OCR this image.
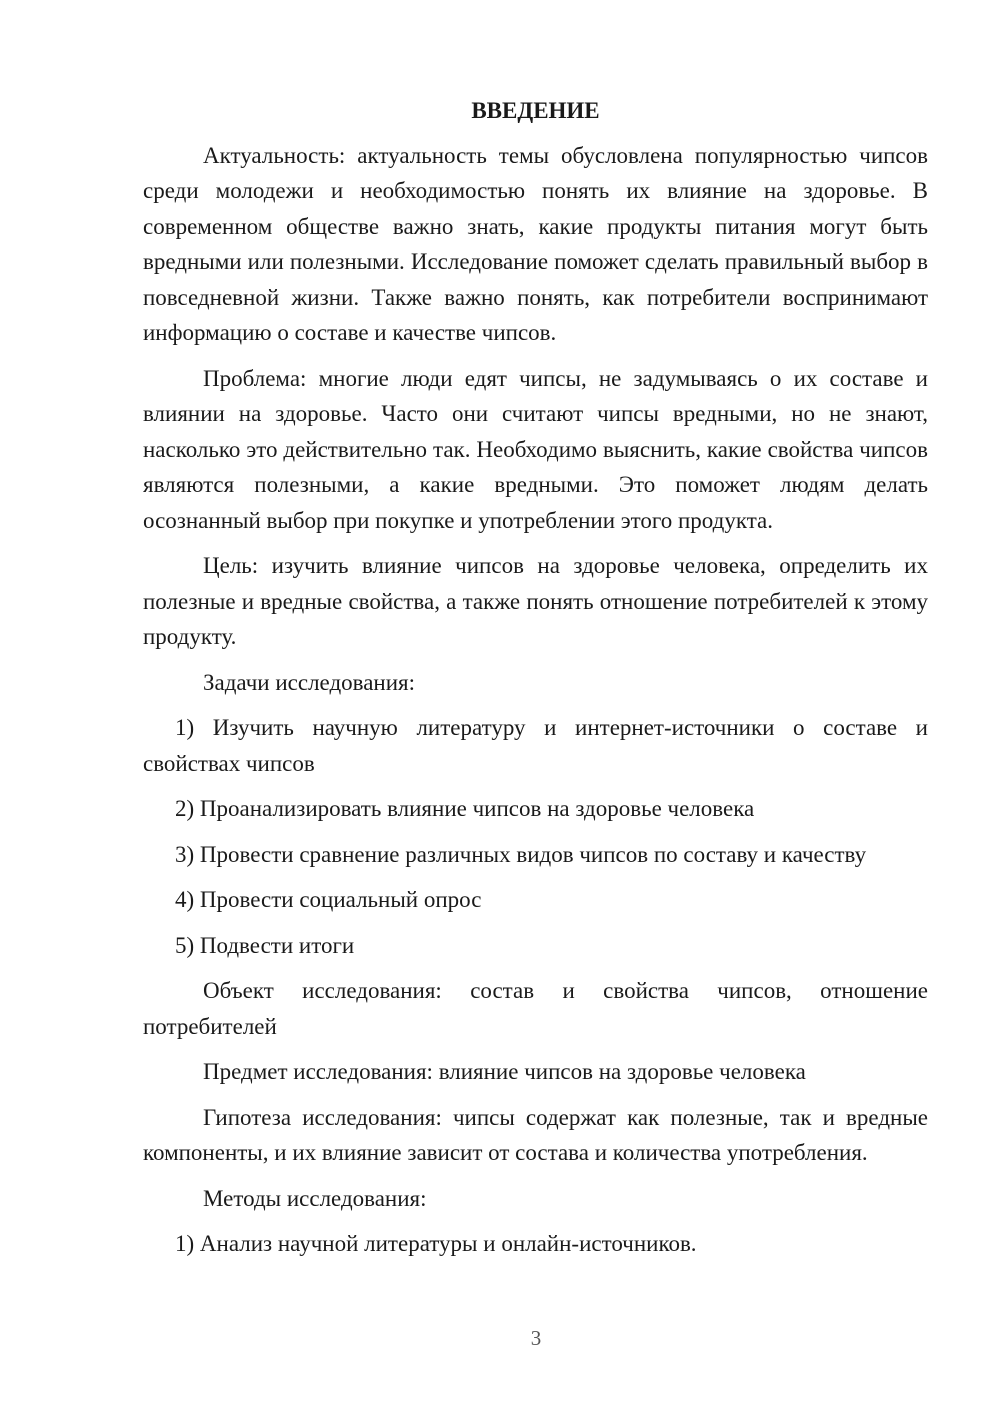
ВВЕДЕНИЕ

Актуальность: актуальность темы обусловлена популярностью чипсов среди молодежи и необходимостью понять их влияние на здоровье. В современном обществе важно знать, какие продукты питания могут быть вредными или полезными. Исследование поможет сделать правильный выбор в повседневной жизни. Также важно понять, как потребители воспринимают информацию о составе и качестве чипсов.

Проблема: многие люди едят чипсы, не задумываясь о их составе и влиянии на здоровье. Часто они считают чипсы вредными, но не знают, насколько это действительно так. Необходимо выяснить, какие свойства чипсов являются полезными, а какие вредными. Это поможет людям делать осознанный выбор при покупке и употреблении этого продукта.

Цель: изучить влияние чипсов на здоровье человека, определить их полезные и вредные свойства, а также понять отношение потребителей к этому продукту.

Задачи исследования:

1) Изучить научную литературу и интернет-источники о составе и свойствах чипсов

2) Проанализировать влияние чипсов на здоровье человека

3) Провести сравнение различных видов чипсов по составу и качеству

4) Провести социальный опрос

5) Подвести итоги

Объект исследования: состав и свойства чипсов, отношение потребителей

Предмет исследования: влияние чипсов на здоровье человека

Гипотеза исследования: чипсы содержат как полезные, так и вредные компоненты, и их влияние зависит от состава и количества употребления.

Методы исследования:

1) Анализ научной литературы и онлайн-источников.

3
